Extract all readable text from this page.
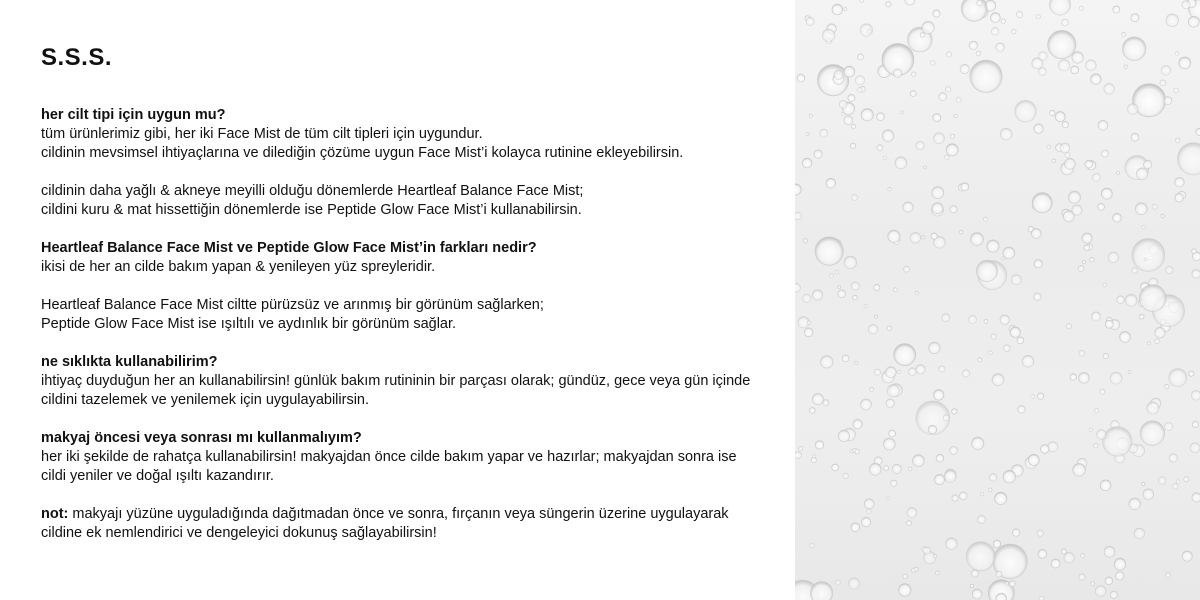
S.S.S.

her cilt tipi için uygun mu?

tüm ürünlerimiz gibi, her iki Face Mist de tüm cilt tipleri için uygundur.

cildinin mevsimsel ihtiyaçlarına ve dilediğin çözüme uygun Face Mist’i kolayca rutinine ekleyebilirsin.

cildinin daha yağlı & akneye meyilli olduğu dönemlerde Heartleaf Balance Face Mist;

cildini kuru & mat hissettiğin dönemlerde ise Peptide Glow Face Mist’i kullanabilirsin.

Heartleaf Balance Face Mist ve Peptide Glow Face Mist’in farkları nedir?

ikisi de her an cilde bakım yapan & yenileyen yüz spreyleridir.

Heartleaf Balance Face Mist ciltte pürüzsüz ve arınmış bir görünüm sağlarken;

Peptide Glow Face Mist ise ışıltılı ve aydınlık bir görünüm sağlar.

ne sıklıkta kullanabilirim?

ihtiyaç duyduğun her an kullanabilirsin! günlük bakım rutininin bir parçası olarak; gündüz, gece veya gün içinde

cildini tazelemek ve yenilemek için uygulayabilirsin.

makyaj öncesi veya sonrası mı kullanmalıyım?

her iki şekilde de rahatça kullanabilirsin! makyajdan önce cilde bakım yapar ve hazırlar; makyajdan sonra ise

cildi yeniler ve doğal ışıltı kazandırır.

not: makyajı yüzüne uyguladığında dağıtmadan önce ve sonra, fırçanın veya süngerin üzerine uygulayarak

cildine ek nemlendirici ve dengeleyici dokunuş sağlayabilirsin!
